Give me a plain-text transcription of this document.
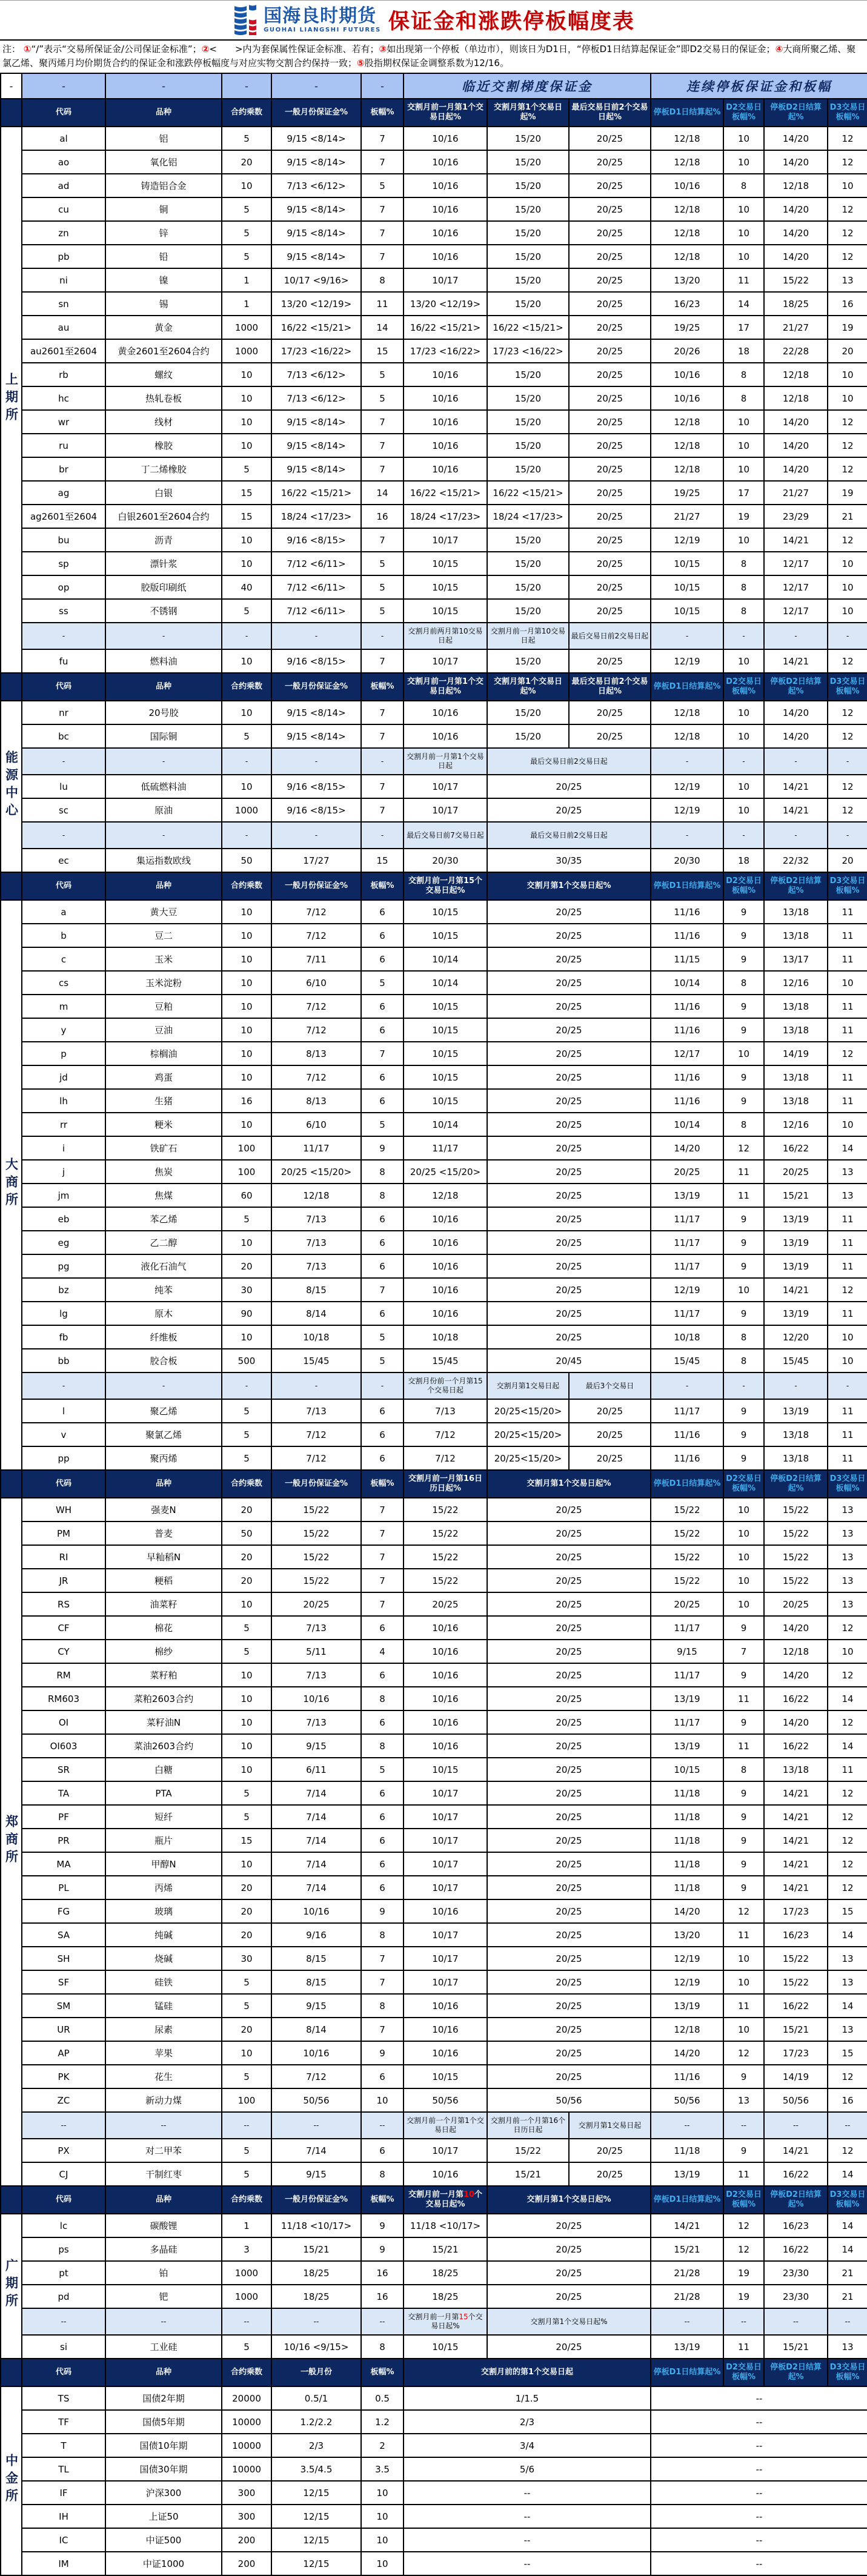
国海良时期货
GUOHAI LIANGSHI FUTURES 保证金和涨跌停板幅度表
注： ①“/”表示“交易所保证金/公司保证金标准”；②<　　>内为套保属性保证金标准、若有；③如出现第一个停板（单边市），则该日为D1日，“停板D1日结算起保证金”即D2交易日的保证金；④大商所聚乙烯、聚氯乙烯、聚丙烯月均价期货合约的保证金和涨跌停板幅度与对应实物交割合约保持一致；⑤股指期权保证金调整系数为12/16。
-	-	-	-	-	-	临近交割梯度保证金			连续停板保证金和板幅			
	代码	品种	合约乘数	一般月份保证金%	板幅%	交割月前一月第1个交易日起%	交割月第1个交易日起%	最后交易日前2个交易日起%	停板D1日结算起%	D2交易日板幅%	停板D2日结算起%	D3交易日板幅%
上期所	al	铝	5	9/15 <8/14>	7	10/16	15/20	20/25	12/18	10	14/20	12
	ao	氧化铝	20	9/15 <8/14>	7	10/16	15/20	20/25	12/18	10	14/20	12
	ad	铸造铝合金	10	7/13 <6/12>	5	10/16	15/20	20/25	10/16	8	12/18	10
	cu	铜	5	9/15 <8/14>	7	10/16	15/20	20/25	12/18	10	14/20	12
	zn	锌	5	9/15 <8/14>	7	10/16	15/20	20/25	12/18	10	14/20	12
	pb	铅	5	9/15 <8/14>	7	10/16	15/20	20/25	12/18	10	14/20	12
	ni	镍	1	10/17 <9/16>	8	10/17	15/20	20/25	13/20	11	15/22	13
	sn	锡	1	13/20 <12/19>	11	13/20 <12/19>	15/20	20/25	16/23	14	18/25	16
	au	黄金	1000	16/22 <15/21>	14	16/22 <15/21>	16/22 <15/21>	20/25	19/25	17	21/27	19
	au2601至2604	黄金2601至2604合约	1000	17/23 <16/22>	15	17/23 <16/22>	17/23 <16/22>	20/25	20/26	18	22/28	20
	rb	螺纹	10	7/13 <6/12>	5	10/16	15/20	20/25	10/16	8	12/18	10
	hc	热轧卷板	10	7/13 <6/12>	5	10/16	15/20	20/25	10/16	8	12/18	10
	wr	线材	10	9/15 <8/14>	7	10/16	15/20	20/25	12/18	10	14/20	12
	ru	橡胶	10	9/15 <8/14>	7	10/16	15/20	20/25	12/18	10	14/20	12
	br	丁二烯橡胶	5	9/15 <8/14>	7	10/16	15/20	20/25	12/18	10	14/20	12
	ag	白银	15	16/22 <15/21>	14	16/22 <15/21>	16/22 <15/21>	20/25	19/25	17	21/27	19
	ag2601至2604	白银2601至2604合约	15	18/24 <17/23>	16	18/24 <17/23>	18/24 <17/23>	20/25	21/27	19	23/29	21
	bu	沥青	10	9/16 <8/15>	7	10/17	15/20	20/25	12/19	10	14/21	12
	sp	漂针浆	10	7/12 <6/11>	5	10/15	15/20	20/25	10/15	8	12/17	10
	op	胶版印刷纸	40	7/12 <6/11>	5	10/15	15/20	20/25	10/15	8	12/17	10
	ss	不锈钢	5	7/12 <6/11>	5	10/15	15/20	20/25	10/15	8	12/17	10
	-	-	-	-	-	交割月前两月第10交易日起	交割月前一月第10交易日起	最后交易日前2交易日起	-	-	-	-
	fu	燃料油	10	9/16 <8/15>	7	10/17	15/20	20/25	12/19	10	14/21	12
	代码	品种	合约乘数	一般月份保证金%	板幅%	交割月前一月第1个交易日起%	交割月第1个交易日起%	最后交易日前2个交易日起%	停板D1日结算起%	D2交易日板幅%	停板D2日结算起%	D3交易日板幅%
能源中心	nr	20号胶	10	9/15 <8/14>	7	10/16	15/20	20/25	12/18	10	14/20	12
	bc	国际铜	5	9/15 <8/14>	7	10/16	15/20	20/25	12/18	10	14/20	12
	-	-	-	-	-	交割月前一月第1个交易日起	最后交易日前2交易日起		-	-	-	-
	lu	低硫燃料油	10	9/16 <8/15>	7	10/17	20/25		12/19	10	14/21	12
	sc	原油	1000	9/16 <8/15>	7	10/17	20/25		12/19	10	14/21	12
	-	-	-	-	-	最后交易日前7交易日起	最后交易日前2交易日起		-	-	-	-
	ec	集运指数欧线	50	17/27	15	20/30	30/35		20/30	18	22/32	20
	代码	品种	合约乘数	一般月份保证金%	板幅%	交割月前一月第15个交易日起%	交割月第1个交易日起%		停板D1日结算起%	D2交易日板幅%	停板D2日结算起%	D3交易日板幅%
大商所	a	黄大豆	10	7/12	6	10/15	20/25		11/16	9	13/18	11
	b	豆二	10	7/12	6	10/15	20/25		11/16	9	13/18	11
	c	玉米	10	7/11	6	10/14	20/25		11/15	9	13/17	11
	cs	玉米淀粉	10	6/10	5	10/14	20/25		10/14	8	12/16	10
	m	豆粕	10	7/12	6	10/15	20/25		11/16	9	13/18	11
	y	豆油	10	7/12	6	10/15	20/25		11/16	9	13/18	11
	p	棕榈油	10	8/13	7	10/15	20/25		12/17	10	14/19	12
	jd	鸡蛋	10	7/12	6	10/15	20/25		11/16	9	13/18	11
	lh	生猪	16	8/13	6	10/15	20/25		11/16	9	13/18	11
	rr	粳米	10	6/10	5	10/14	20/25		10/14	8	12/16	10
	i	铁矿石	100	11/17	9	11/17	20/25		14/20	12	16/22	14
	j	焦炭	100	20/25 <15/20>	8	20/25 <15/20>	20/25		20/25	11	20/25	13
	jm	焦煤	60	12/18	8	12/18	20/25		13/19	11	15/21	13
	eb	苯乙烯	5	7/13	6	10/16	20/25		11/17	9	13/19	11
	eg	乙二醇	10	7/13	6	10/16	20/25		11/17	9	13/19	11
	pg	液化石油气	20	7/13	6	10/16	20/25		11/17	9	13/19	11
	bz	纯苯	30	8/15	7	10/16	20/25		12/19	10	14/21	12
	lg	原木	90	8/14	6	10/16	20/25		11/17	9	13/19	11
	fb	纤维板	10	10/18	5	10/18	20/25		10/18	8	12/20	10
	bb	胶合板	500	15/45	5	15/45	20/45		15/45	8	15/45	10
	-	-	-	-	-	交割月份前一个月第15个交易日起	交割月第1交易日起	最后3个交易日	-	-	-	-
	l	聚乙烯	5	7/13	6	7/13	20/25<15/20>	20/25	11/17	9	13/19	11
	v	聚氯乙烯	5	7/12	6	7/12	20/25<15/20>	20/25	11/16	9	13/18	11
	pp	聚丙烯	5	7/12	6	7/12	20/25<15/20>	20/25	11/16	9	13/18	11
	代码	品种	合约乘数	一般月份保证金%	板幅%	交割月前一月第16日历日起%	交割月第1个交易日起%		停板D1日结算起%	D2交易日板幅%	停板D2日结算起%	D3交易日板幅%
郑商所	WH	强麦N	20	15/22	7	15/22	20/25		15/22	10	15/22	13
	PM	普麦	50	15/22	7	15/22	20/25		15/22	10	15/22	13
	RI	早籼稻N	20	15/22	7	15/22	20/25		15/22	10	15/22	13
	JR	粳稻	20	15/22	7	15/22	20/25		15/22	10	15/22	13
	RS	油菜籽	10	20/25	7	20/25	20/25		20/25	10	20/25	13
	CF	棉花	5	7/13	6	10/16	20/25		11/17	9	14/20	12
	CY	棉纱	5	5/11	4	10/16	20/25		9/15	7	12/18	10
	RM	菜籽粕	10	7/13	6	10/16	20/25		11/17	9	14/20	12
	RM603	菜粕2603合约	10	10/16	8	10/16	20/25		13/19	11	16/22	14
	OI	菜籽油N	10	7/13	6	10/16	20/25		11/17	9	14/20	12
	OI603	菜油2603合约	10	9/15	8	10/16	20/25		13/19	11	16/22	14
	SR	白糖	10	6/11	5	10/15	20/25		10/15	8	13/18	11
	TA	PTA	5	7/14	6	10/17	20/25		11/18	9	14/21	12
	PF	短纤	5	7/14	6	10/17	20/25		11/18	9	14/21	12
	PR	瓶片	15	7/14	6	10/17	20/25		11/18	9	14/21	12
	MA	甲醇N	10	7/14	6	10/17	20/25		11/18	9	14/21	12
	PL	丙烯	20	7/14	6	10/17	20/25		11/18	9	14/21	12
	FG	玻璃	20	10/16	9	10/16	20/25		14/20	12	17/23	15
	SA	纯碱	20	9/16	8	10/17	20/25		13/20	11	16/23	14
	SH	烧碱	30	8/15	7	10/17	20/25		12/19	10	15/22	13
	SF	硅铁	5	8/15	7	10/17	20/25		12/19	10	15/22	13
	SM	锰硅	5	9/15	8	10/16	20/25		13/19	11	16/22	14
	UR	尿素	20	8/14	7	10/16	20/25		12/18	10	15/21	13
	AP	苹果	10	10/16	9	10/16	20/25		14/20	12	17/23	15
	PK	花生	5	7/12	6	10/15	20/25		11/16	9	14/19	12
	ZC	新动力煤	100	50/56	10	50/56	50/56		50/56	13	50/56	16
	--	--	--	--	--	交割月前一个月第1个交易日起	交割月前一个月第16个日历日起	交割月第1交易日起	--	--	--	--
	PX	对二甲苯	5	7/14	6	10/17	15/22	20/25	11/18	9	14/21	12
	CJ	干制红枣	5	9/15	8	10/16	15/21	20/25	13/19	11	16/22	14
	代码	品种	合约乘数	一般月份保证金%	板幅%	交割月前一月第10个交易日起%	交割月第1个交易日起%		停板D1日结算起%	D2交易日板幅%	停板D2日结算起%	D3交易日板幅%
广期所	lc	碳酸锂	1	11/18 <10/17>	9	11/18 <10/17>	20/25		14/21	12	16/23	14
	ps	多晶硅	3	15/21	9	15/21	20/25		15/21	12	16/22	14
	pt	铂	1000	18/25	16	18/25	20/25		21/28	19	23/30	21
	pd	钯	1000	18/25	16	18/25	20/25		21/28	19	23/30	21
	--	--	--	--	--	交割月前一月第15个交易日起%	交割月第1个交易日起%		--	--	--	--
	si	工业硅	5	10/16 <9/15>	8	10/15	20/25		13/19	11	15/21	13
	代码	品种	合约乘数	一般月份	板幅%	交割月前的第1个交易日起			停板D1日结算起%	D2交易日板幅%	停板D2日结算起%	D3交易日板幅%
中金所	TS	国债2年期	20000	0.5/1	0.5	1/1.5			--			
	TF	国债5年期	10000	1.2/2.2	1.2	2/3			--			
	T	国债10年期	10000	2/3	2	3/4			--			
	TL	国债30年期	10000	3.5/4.5	3.5	5/6			--			
	IF	沪深300	300	12/15	10	--			--			
	IH	上证50	300	12/15	10	--			--			
	IC	中证500	200	12/15	10	--			--			
	IM	中证1000	200	12/15	10	--			--			
